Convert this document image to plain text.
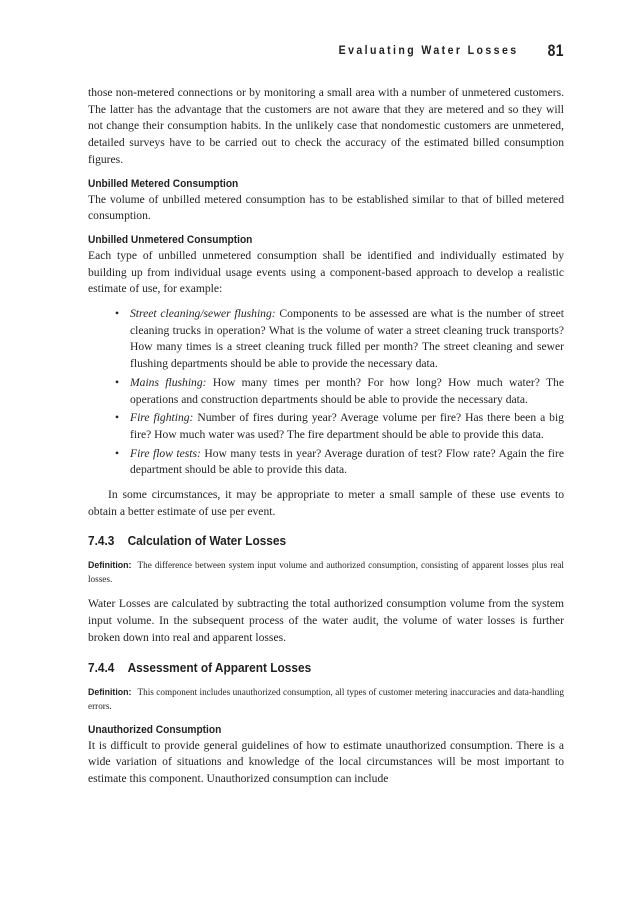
Evaluating Water Losses 81

those non-metered connections or by monitoring a small area with a number of unmetered customers. The latter has the advantage that the customers are not aware that they are metered and so they will not change their consumption habits. In the unlikely case that nondomestic customers are unmetered, detailed surveys have to be carried out to check the accuracy of the estimated billed consumption figures.

Unbilled Metered Consumption

The volume of unbilled metered consumption has to be established similar to that of billed metered consumption.

Unbilled Unmetered Consumption

Each type of unbilled unmetered consumption shall be identified and individually estimated by building up from individual usage events using a component-based approach to develop a realistic estimate of use, for example:

• Street cleaning/sewer flushing: Components to be assessed are what is the number of street cleaning trucks in operation? What is the volume of water a street cleaning truck transports? How many times is a street cleaning truck filled per month? The street cleaning and sewer flushing departments should be able to provide the necessary data.
• Mains flushing: How many times per month? For how long? How much water? The operations and construction departments should be able to provide the necessary data.
• Fire fighting: Number of fires during year? Average volume per fire? Has there been a big fire? How much water was used? The fire department should be able to provide this data.
• Fire flow tests: How many tests in year? Average duration of test? Flow rate? Again the fire department should be able to provide this data.

In some circumstances, it may be appropriate to meter a small sample of these use events to obtain a better estimate of use per event.

7.4.3 Calculation of Water Losses
Definition: The difference between system input volume and authorized consumption, consisting of apparent losses plus real losses.

Water Losses are calculated by subtracting the total authorized consumption volume from the system input volume. In the subsequent process of the water audit, the volume of water losses is further broken down into real and apparent losses.

7.4.4 Assessment of Apparent Losses
Definition: This component includes unauthorized consumption, all types of customer metering inaccuracies and data-handling errors.
Unauthorized Consumption

It is difficult to provide general guidelines of how to estimate unauthorized consumption. There is a wide variation of situations and knowledge of the local circumstances will be most important to estimate this component. Unauthorized consumption can include
